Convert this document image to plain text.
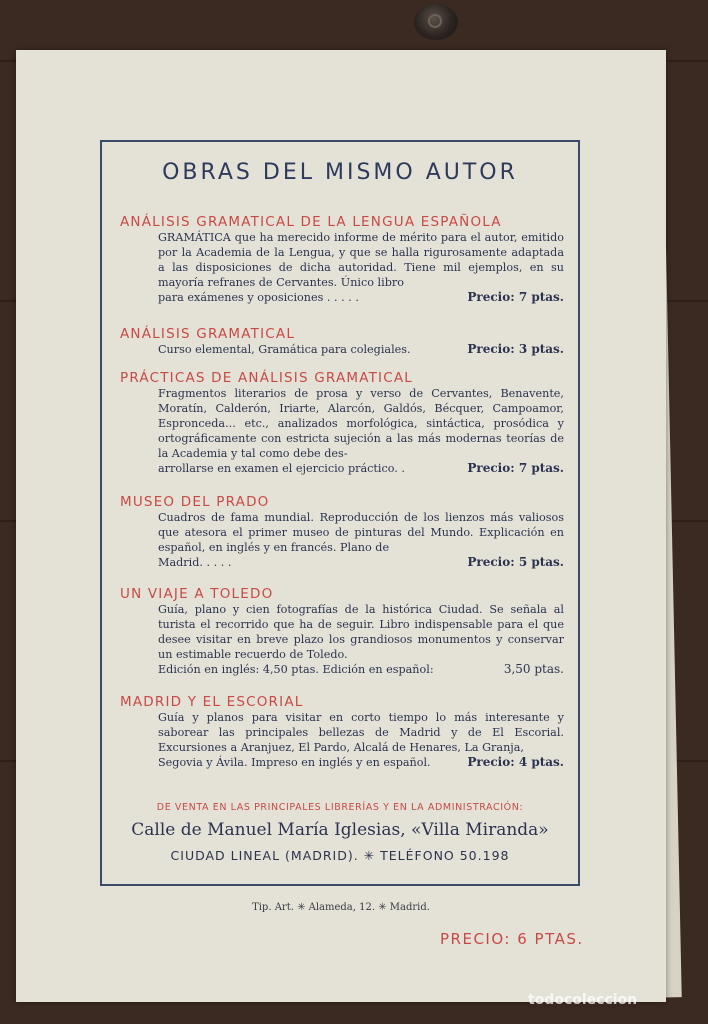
OBRAS DEL MISMO AUTOR
ANÁLISIS GRAMATICAL DE LA LENGUA ESPAÑOLA
GRAMÁTICA que ha merecido informe de mérito para el autor, emitido por la Academia de la Lengua, y que se halla rigurosamente adaptada a las disposiciones de dicha autoridad. Tiene mil ejemplos, en su mayoría refranes de Cervantes. Único libro
para exámenes y oposiciones . . . . .	Precio: 7 ptas.
ANÁLISIS GRAMATICAL
Curso elemental, Gramática para colegiales.	Precio: 3 ptas.
PRÁCTICAS DE ANÁLISIS GRAMATICAL
Fragmentos literarios de prosa y verso de Cervantes, Benavente, Moratín, Calderón, Iriarte, Alarcón, Galdós, Bécquer, Campoamor, Espronceda... etc., analizados morfológica, sintáctica, prosódica y ortográficamente con estricta sujeción a las más modernas teorías de la Academia y tal como debe des-
arrollarse en examen el ejercicio práctico. .	Precio: 7 ptas.
MUSEO DEL PRADO
Cuadros de fama mundial. Reproducción de los lienzos más valiosos que atesora el primer museo de pinturas del Mundo. Explicación en español, en inglés y en francés. Plano de
Madrid. . . . .	Precio: 5 ptas.
UN VIAJE A TOLEDO
Guía, plano y cien fotografías de la histórica Ciudad. Se señala al turista el recorrido que ha de seguir. Libro indispensable para el que desee visitar en breve plazo los grandiosos monumentos y conservar un estimable recuerdo de Toledo.
Edición en inglés: 4,50 ptas. Edición en español:	3,50 ptas.
MADRID Y EL ESCORIAL
Guía y planos para visitar en corto tiempo lo más interesante y saborear las principales bellezas de Madrid y de El Escorial. Excursiones a Aranjuez, El Pardo, Alcalá de Henares, La Granja,
Segovia y Ávila. Impreso en inglés y en español.	Precio: 4 ptas.
DE VENTA EN LAS PRINCIPALES LIBRERÍAS Y EN LA ADMINISTRACIÓN:
Calle de Manuel María Iglesias, «Villa Miranda»
CIUDAD LINEAL (MADRID). ✳ TELÉFONO 50.198
Tip. Art. ✳ Alameda, 12. ✳ Madrid.
PRECIO: 6 PTAS.
todocoleccion
